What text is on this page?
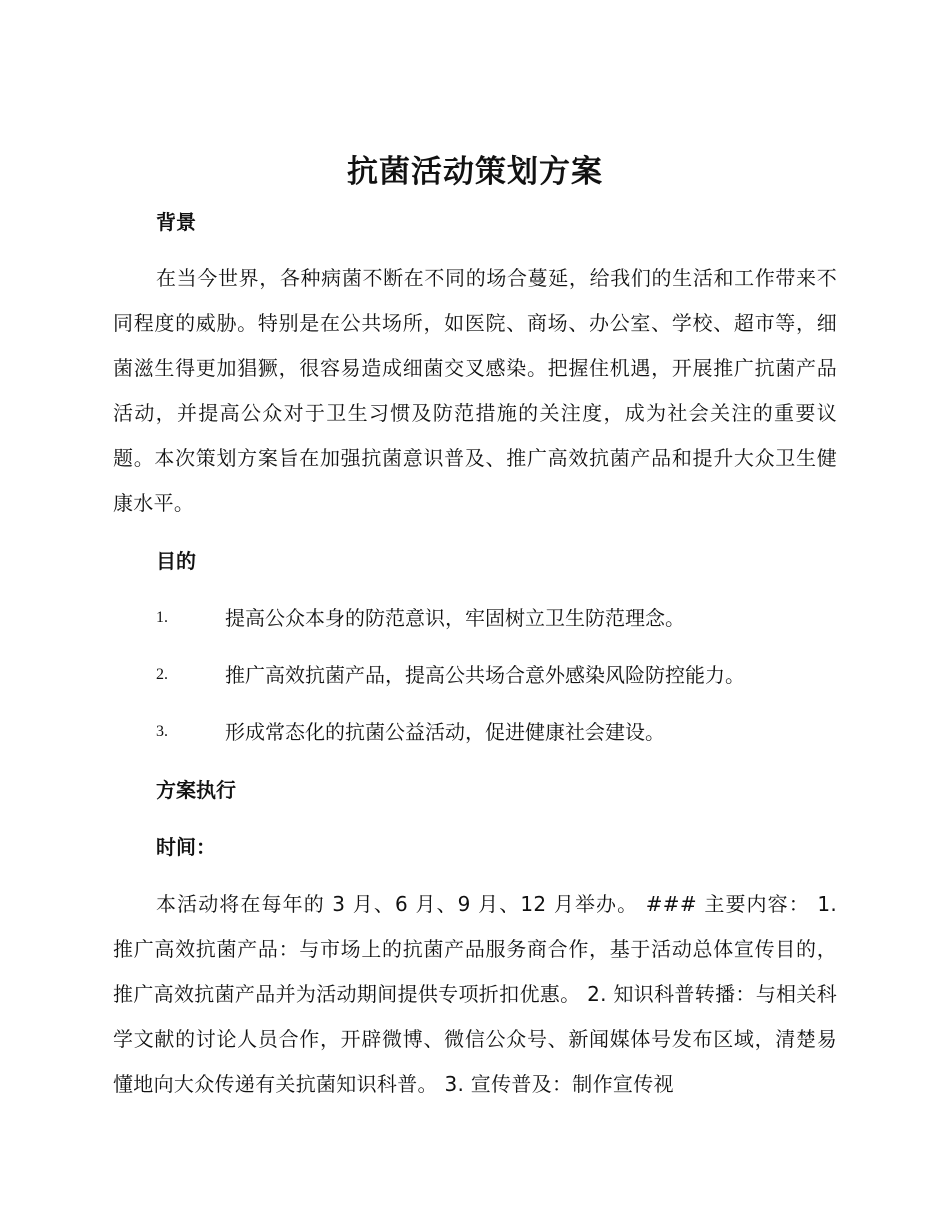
抗菌活动策划方案
背景
在当今世界，各种病菌不断在不同的场合蔓延，给我们的生活和工作带来不同程度的威胁。特别是在公共场所，如医院、商场、办公室、学校、超市等，细菌滋生得更加猖獗，很容易造成细菌交叉感染。把握住机遇，开展推广抗菌产品活动，并提高公众对于卫生习惯及防范措施的关注度，成为社会关注的重要议题。本次策划方案旨在加强抗菌意识普及、推广高效抗菌产品和提升大众卫生健康水平。
目的
1.	提高公众本身的防范意识，牢固树立卫生防范理念。
2.	推广高效抗菌产品，提高公共场合意外感染风险防控能力。
3.	形成常态化的抗菌公益活动，促进健康社会建设。
方案执行
时间：
本活动将在每年的 3 月、6 月、9 月、12 月举办。 ### 主要内容： 1. 推广高效抗菌产品：与市场上的抗菌产品服务商合作，基于活动总体宣传目的，推广高效抗菌产品并为活动期间提供专项折扣优惠。 2. 知识科普转播：与相关科学文献的讨论人员合作，开辟微博、微信公众号、新闻媒体号发布区域，清楚易懂地向大众传递有关抗菌知识科普。 3. 宣传普及：制作宣传视
